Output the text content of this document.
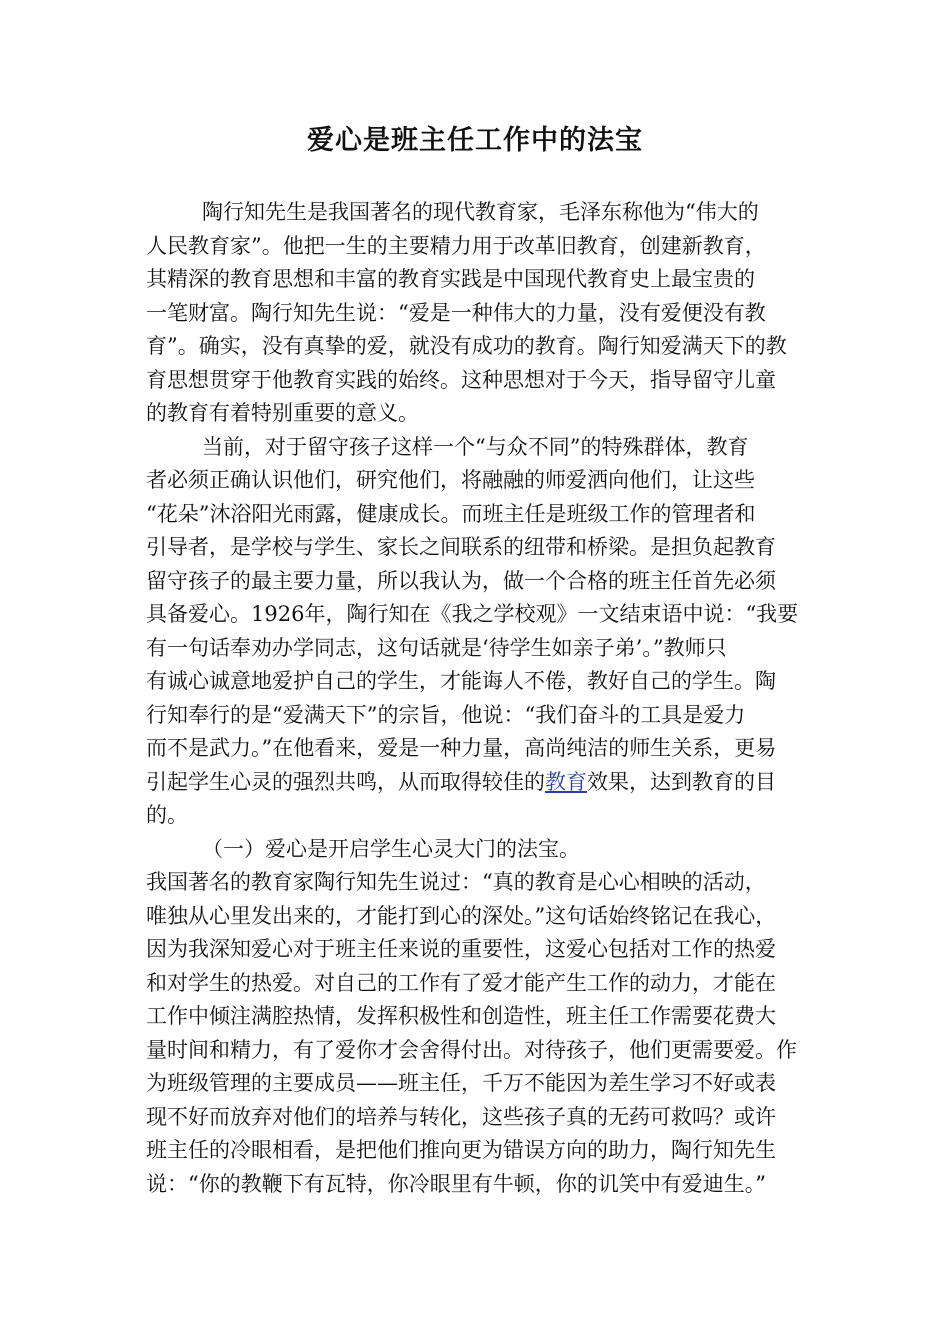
爱心是班主任工作中的法宝

陶行知先生是我国著名的现代教育家，毛泽东称他为“伟大的

人民教育家”。他把一生的主要精力用于改革旧教育，创建新教育，

其精深的教育思想和丰富的教育实践是中国现代教育史上最宝贵的

一笔财富。陶行知先生说：“爱是一种伟大的力量，没有爱便没有教

育”。确实，没有真挚的爱，就没有成功的教育。陶行知爱满天下的教

育思想贯穿于他教育实践的始终。这种思想对于今天，指导留守儿童

的教育有着特别重要的意义。

当前，对于留守孩子这样一个“与众不同”的特殊群体，教育

者必须正确认识他们，研究他们，将融融的师爱洒向他们，让这些

“花朵”沐浴阳光雨露，健康成长。而班主任是班级工作的管理者和

引导者，是学校与学生、家长之间联系的纽带和桥梁。是担负起教育

留守孩子的最主要力量，所以我认为，做一个合格的班主任首先必须

具备爱心。1926年，陶行知在《我之学校观》一文结束语中说：“我要

有一句话奉劝办学同志，这句话就是‘待学生如亲子弟’。”教师只

有诚心诚意地爱护自己的学生，才能诲人不倦，教好自己的学生。陶

行知奉行的是“爱满天下”的宗旨，他说：“我们奋斗的工具是爱力

而不是武力。”在他看来，爱是一种力量，高尚纯洁的师生关系，更易

引起学生心灵的强烈共鸣，从而取得较佳的教育效果，达到教育的目

的。

（一）爱心是开启学生心灵大门的法宝。

我国著名的教育家陶行知先生说过：“真的教育是心心相映的活动，

唯独从心里发出来的，才能打到心的深处。”这句话始终铭记在我心，

因为我深知爱心对于班主任来说的重要性，这爱心包括对工作的热爱

和对学生的热爱。对自己的工作有了爱才能产生工作的动力，才能在

工作中倾注满腔热情，发挥积极性和创造性，班主任工作需要花费大

量时间和精力，有了爱你才会舍得付出。对待孩子，他们更需要爱。作

为班级管理的主要成员——班主任，千万不能因为差生学习不好或表

现不好而放弃对他们的培养与转化，这些孩子真的无药可救吗？或许

班主任的冷眼相看，是把他们推向更为错误方向的助力，陶行知先生

说：“你的教鞭下有瓦特，你冷眼里有牛顿，你的讥笑中有爱迪生。”
